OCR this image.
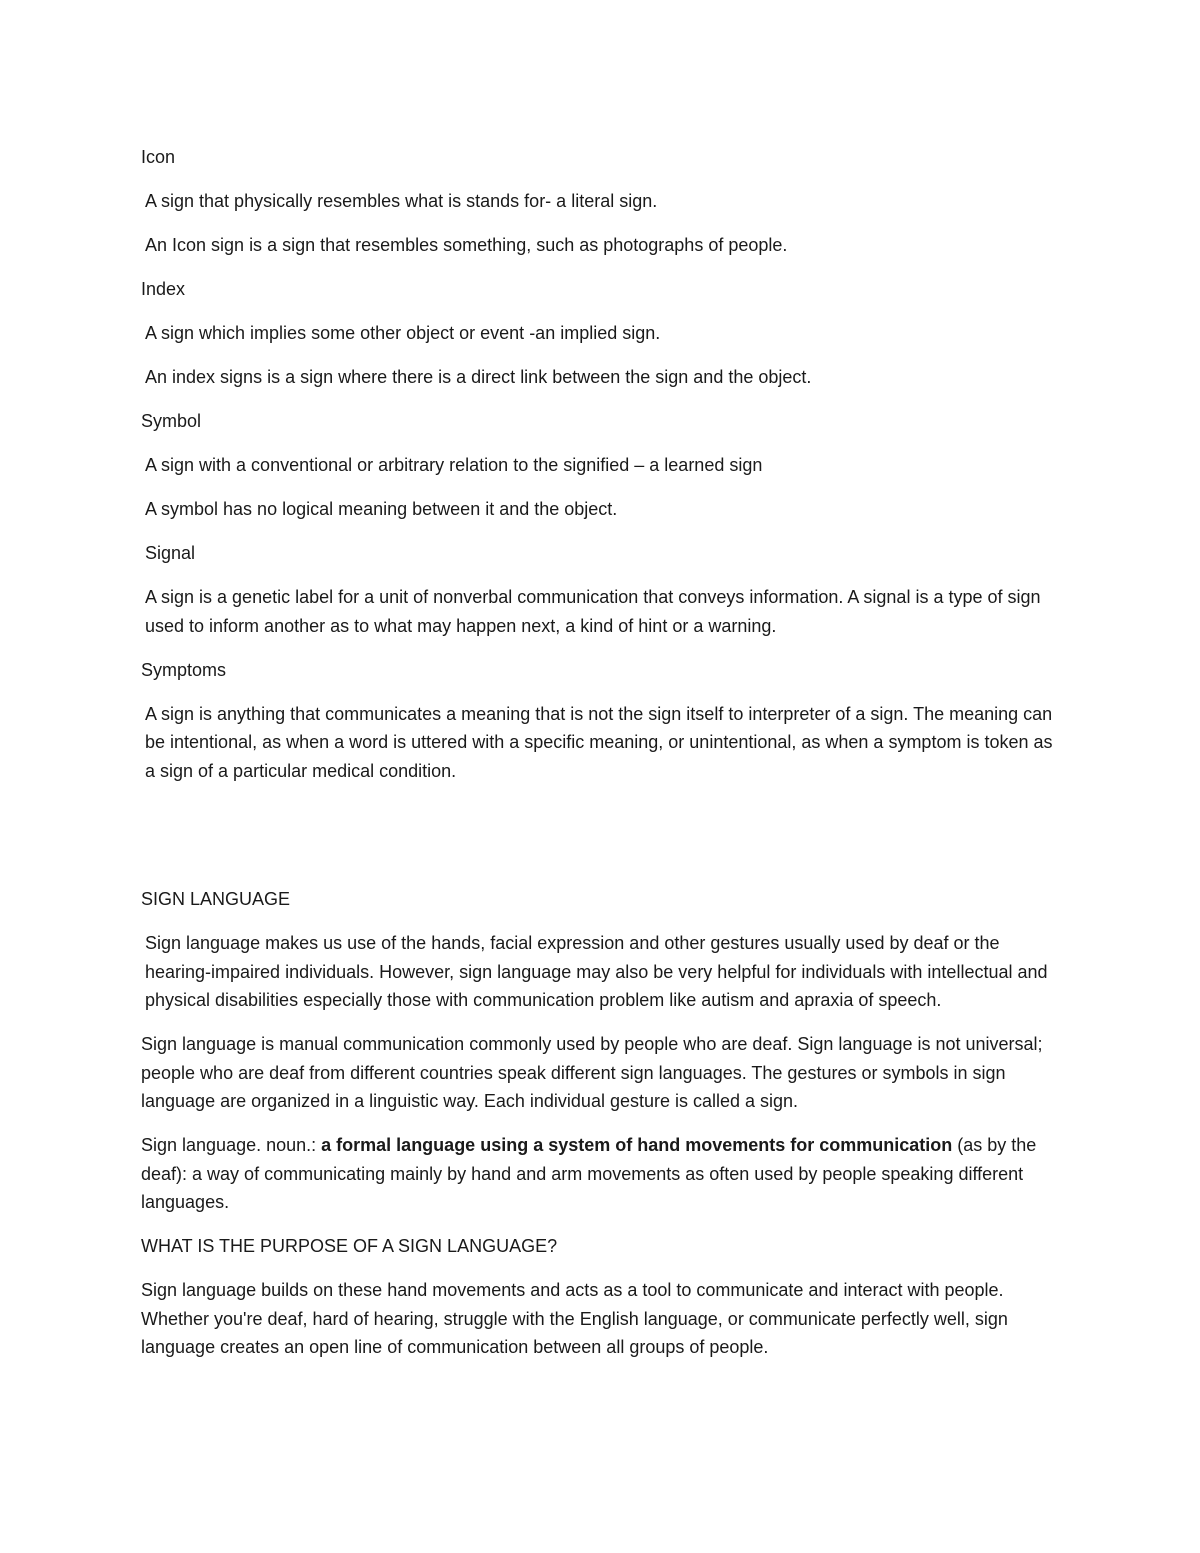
Icon

A sign that physically resembles what is stands for- a literal sign.

An Icon sign is a sign that resembles something, such as photographs of people.

Index

A sign which implies some other object or event -an implied sign.

An index signs is a sign where there is a direct link between the sign and the object.

Symbol

A sign with a conventional or arbitrary relation to the signified – a learned sign

A symbol has no logical meaning between it and the object.

Signal

A sign is a genetic label for a unit of nonverbal communication that conveys information. A signal is a type of sign used to inform another as to what may happen next, a kind of hint or a warning.

Symptoms

A sign is anything that communicates a meaning that is not the sign itself to interpreter of a sign. The meaning can be intentional, as when a word is uttered with a specific meaning, or unintentional, as when a symptom is token as a sign of a particular medical condition.

SIGN LANGUAGE

Sign language makes us use of the hands, facial expression and other gestures usually used by deaf or the hearing-impaired individuals. However, sign language may also be very helpful for individuals with intellectual and physical disabilities especially those with communication problem like autism and apraxia of speech.

Sign language is manual communication commonly used by people who are deaf. Sign language is not universal; people who are deaf from different countries speak different sign languages. The gestures or symbols in sign language are organized in a linguistic way. Each individual gesture is called a sign.

Sign language. noun.: a formal language using a system of hand movements for communication (as by the deaf): a way of communicating mainly by hand and arm movements as often used by people speaking different languages.

WHAT IS THE PURPOSE OF A SIGN LANGUAGE?

Sign language builds on these hand movements and acts as a tool to communicate and interact with people. Whether you're deaf, hard of hearing, struggle with the English language, or communicate perfectly well, sign language creates an open line of communication between all groups of people.
